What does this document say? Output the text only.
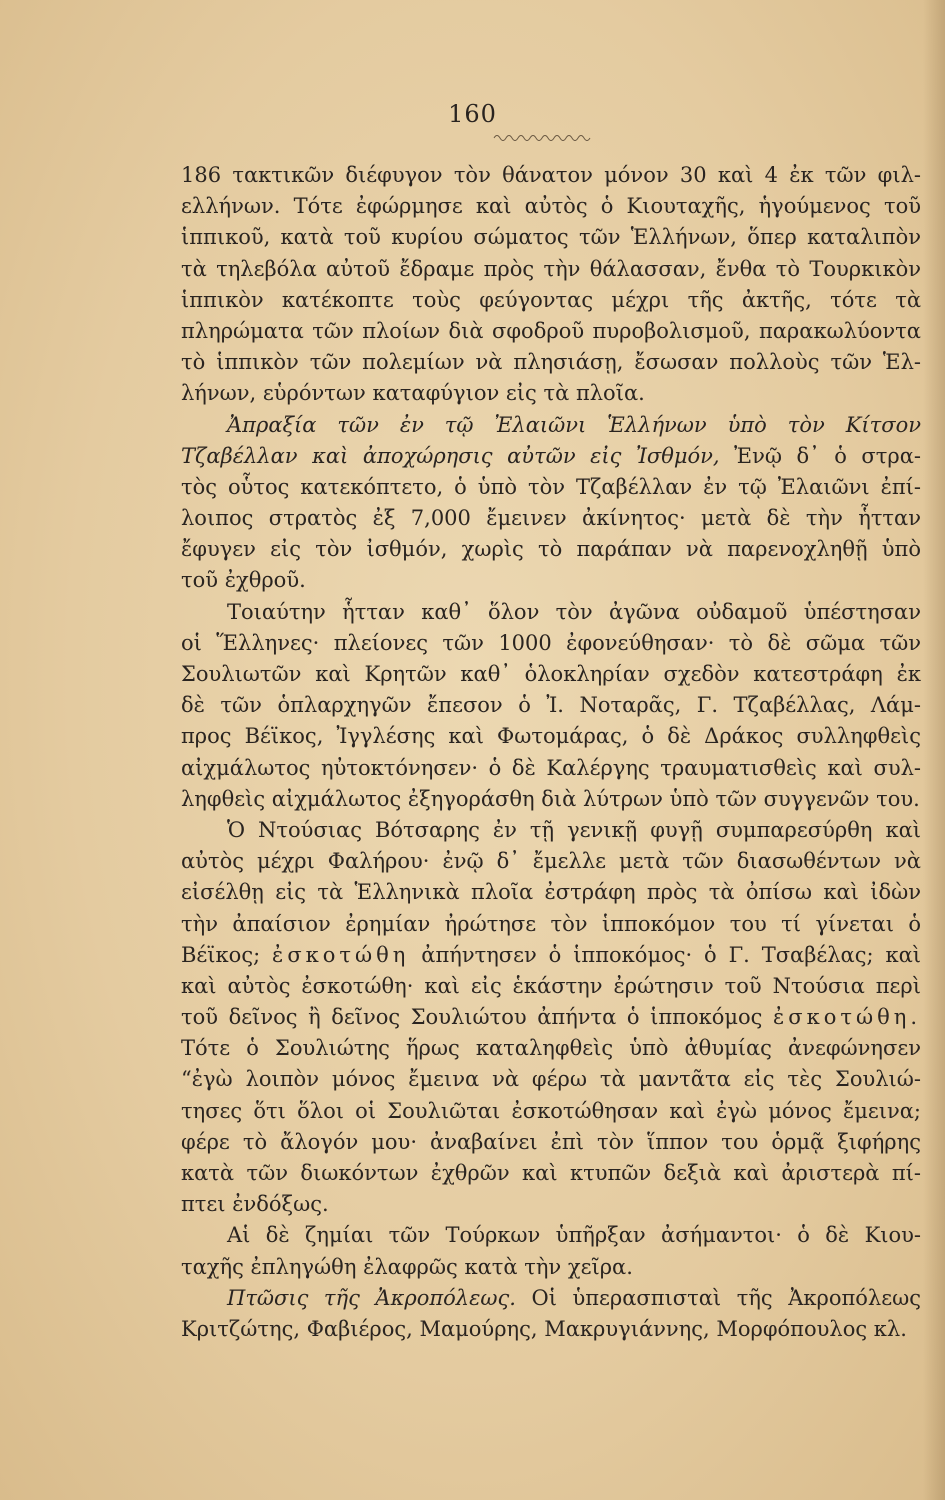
160
186 τακτικῶν διέφυγον τὸν θάνατον μόνον 30 καὶ 4 ἐκ τῶν φιλ-
ελλήνων. Τότε ἐφώρμησε καὶ αὐτὸς ὁ Κιουταχῆς, ἡγούμενος τοῦ
ἱππικοῦ, κατὰ τοῦ κυρίου σώματος τῶν Ἑλλήνων, ὅπερ καταλιπὸν
τὰ τηλεβόλα αὐτοῦ ἔδραμε πρὸς τὴν θάλασσαν, ἔνθα τὸ Τουρκικὸν
ἱππικὸν κατέκοπτε τοὺς φεύγοντας μέχρι τῆς ἀκτῆς, τότε τὰ
πληρώματα τῶν πλοίων διὰ σφοδροῦ πυροβολισμοῦ, παρακωλύοντα
τὸ ἱππικὸν τῶν πολεμίων νὰ πλησιάσῃ, ἔσωσαν πολλοὺς τῶν Ἑλ-
λήνων, εὑρόντων καταφύγιον εἰς τὰ πλοῖα.
Ἀπραξία τῶν ἐν τῷ Ἐλαιῶνι Ἑλλήνων ὑπὸ τὸν Κίτσον
Τζαβέλλαν καὶ ἀποχώρησις αὐτῶν εἰς Ἰσθμόν, Ἐνῷ δ᾽ ὁ στρα-
τὸς οὗτος κατεκόπτετο, ὁ ὑπὸ τὸν Τζαβέλλαν ἐν τῷ Ἐλαιῶνι ἐπί-
λοιπος στρατὸς ἐξ 7,000 ἔμεινεν ἀκίνητος· μετὰ δὲ τὴν ἧτταν
ἔφυγεν εἰς τὸν ἰσθμόν, χωρὶς τὸ παράπαν νὰ παρενοχληθῇ ὑπὸ
τοῦ ἐχθροῦ.
Τοιαύτην ἧτταν καθ᾽ ὅλον τὸν ἀγῶνα οὐδαμοῦ ὑπέστησαν
οἱ Ἕλληνες· πλείονες τῶν 1000 ἐφονεύθησαν· τὸ δὲ σῶμα τῶν
Σουλιωτῶν καὶ Κρητῶν καθ᾽ ὁλοκληρίαν σχεδὸν κατεστράφη ἐκ
δὲ τῶν ὁπλαρχηγῶν ἔπεσον ὁ Ἰ. Νοταρᾶς, Γ. Τζαβέλλας, Λάμ-
προς Βέϊκος, Ἰγγλέσης καὶ Φωτομάρας, ὁ δὲ Δράκος συλληφθεὶς
αἰχμάλωτος ηὐτοκτόνησεν· ὁ δὲ Καλέργης τραυματισθεὶς καὶ συλ-
ληφθεὶς αἰχμάλωτος ἐξηγοράσθη διὰ λύτρων ὑπὸ τῶν συγγενῶν του.
Ὁ Ντούσιας Βότσαρης ἐν τῇ γενικῇ φυγῇ συμπαρεσύρθη καὶ
αὐτὸς μέχρι Φαλήρου· ἐνῷ δ᾽ ἔμελλε μετὰ τῶν διασωθέντων νὰ
εἰσέλθῃ εἰς τὰ Ἑλληνικὰ πλοῖα ἐστράφη πρὸς τὰ ὀπίσω καὶ ἰδὼν
τὴν ἀπαίσιον ἐρημίαν ἠρώτησε τὸν ἱπποκόμον του τί γίνεται ὁ
Βέϊκος; ἐσκοτώθη ἀπήντησεν ὁ ἱπποκόμος· ὁ Γ. Τσαβέλας; καὶ
καὶ αὐτὸς ἐσκοτώθη· καὶ εἰς ἑκάστην ἐρώτησιν τοῦ Ντούσια περὶ
τοῦ δεῖνος ἢ δεῖνος Σουλιώτου ἀπήντα ὁ ἱπποκόμος ἐσκοτώθη.
Τότε ὁ Σουλιώτης ἥρως καταληφθεὶς ὑπὸ ἀθυμίας ἀνεφώνησεν
“ἐγὼ λοιπὸν μόνος ἔμεινα νὰ φέρω τὰ μαντᾶτα εἰς τὲς Σουλιώ-
τησες ὅτι ὅλοι οἱ Σουλιῶται ἐσκοτώθησαν καὶ ἐγὼ μόνος ἔμεινα;
φέρε τὸ ἄλογόν μου· ἀναβαίνει ἐπὶ τὸν ἵππον του ὁρμᾷ ξιφήρης
κατὰ τῶν διωκόντων ἐχθρῶν καὶ κτυπῶν δεξιὰ καὶ ἀριστερὰ πί-
πτει ἐνδόξως.
Αἱ δὲ ζημίαι τῶν Τούρκων ὑπῆρξαν ἀσήμαντοι· ὁ δὲ Κιου-
ταχῆς ἐπληγώθη ἐλαφρῶς κατὰ τὴν χεῖρα.
Πτῶσις τῆς Ἀκροπόλεως. Οἱ ὑπερασπισταὶ τῆς Ἀκροπόλεως
Κριτζώτης, Φαβιέρος, Μαμούρης, Μακρυγιάννης, Μορφόπουλος κλ.
